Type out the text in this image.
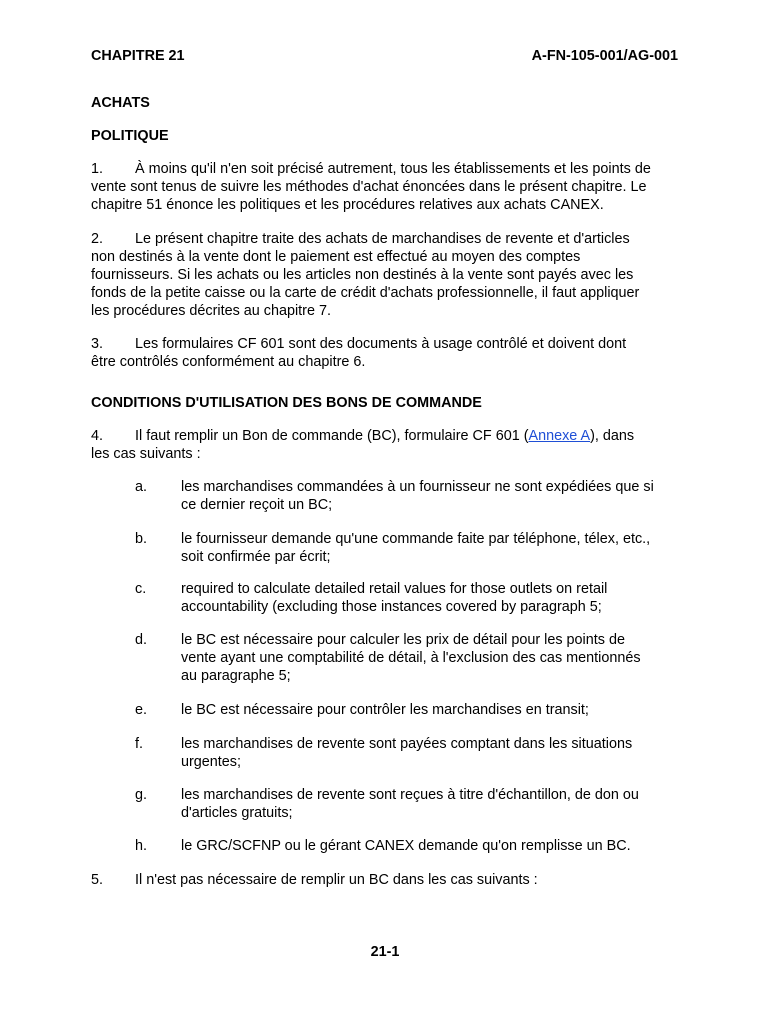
CHAPITRE 21	A-FN-105-001/AG-001
ACHATS
POLITIQUE
1. À moins qu'il n'en soit précisé autrement, tous les établissements et les points de
vente sont tenus de suivre les méthodes d'achat énoncées dans le présent chapitre. Le
chapitre 51 énonce les politiques et les procédures relatives aux achats CANEX.
2. Le présent chapitre traite des achats de marchandises de revente et d'articles
non destinés à la vente dont le paiement est effectué au moyen des comptes
fournisseurs. Si les achats ou les articles non destinés à la vente sont payés avec les
fonds de la petite caisse ou la carte de crédit d'achats professionnelle, il faut appliquer
les procédures décrites au chapitre 7.
3. Les formulaires CF 601 sont des documents à usage contrôlé et doivent dont
être contrôlés conformément au chapitre 6.
CONDITIONS D'UTILISATION DES BONS DE COMMANDE
4. Il faut remplir un Bon de commande (BC), formulaire CF 601 (Annexe A), dans
les cas suivants :
a. les marchandises commandées à un fournisseur ne sont expédiées que si
ce dernier reçoit un BC;
b. le fournisseur demande qu'une commande faite par téléphone, télex, etc.,
soit confirmée par écrit;
c. required to calculate detailed retail values for those outlets on retail
accountability (excluding those instances covered by paragraph 5;
d. le BC est nécessaire pour calculer les prix de détail pour les points de
vente ayant une comptabilité de détail, à l'exclusion des cas mentionnés
au paragraphe 5;
e. le BC est nécessaire pour contrôler les marchandises en transit;
f.	les marchandises de revente sont payées comptant dans les situations
urgentes;
g. les marchandises de revente sont reçues à titre d'échantillon, de don ou
d'articles gratuits;
h. le GRC/SCFNP ou le gérant CANEX demande qu'on remplisse un BC.
5. Il n'est pas nécessaire de remplir un BC dans les cas suivants :
21-1
